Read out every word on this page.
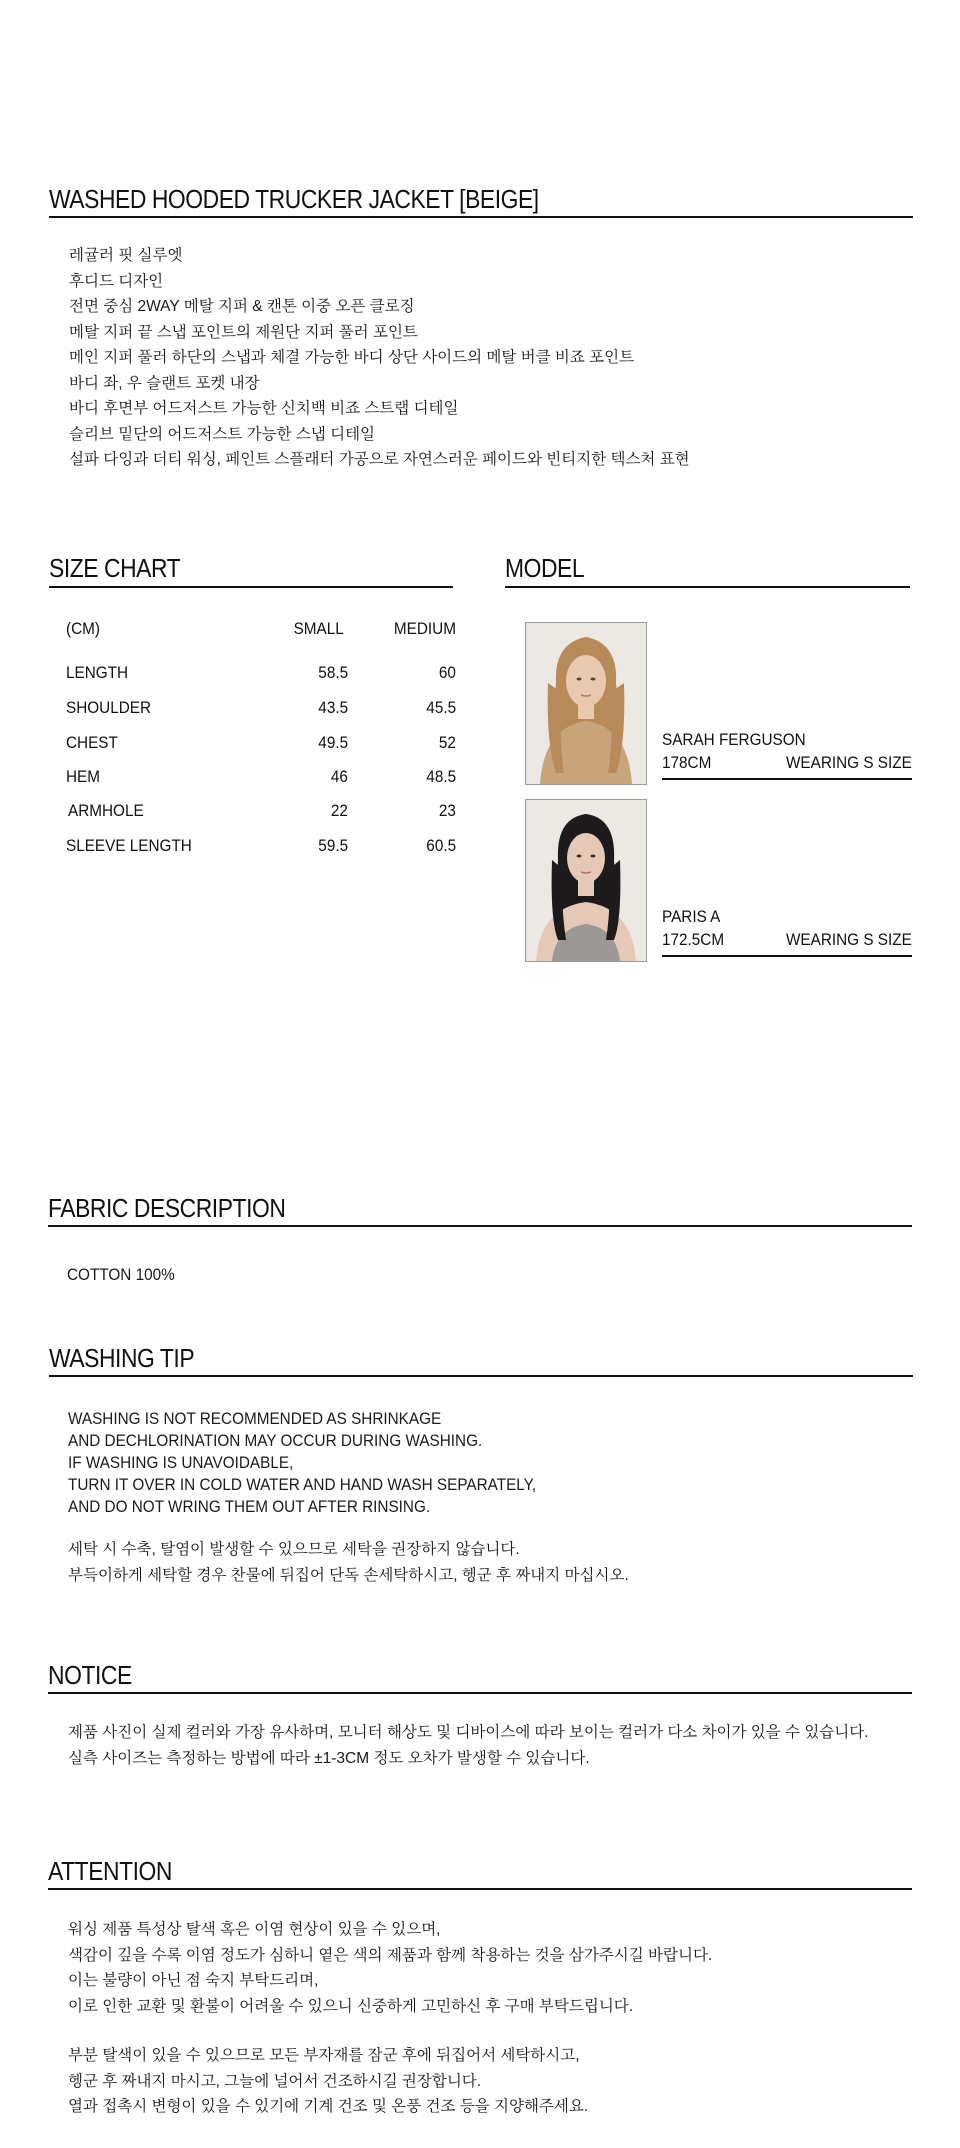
WASHED HOODED TRUCKER JACKET [BEIGE]
레귤러 핏 실루엣
후디드 디자인
전면 중심 2WAY 메탈 지퍼 & 캔톤 이중 오픈 클로징
메탈 지퍼 끝 스냅 포인트의 제원단 지퍼 풀러 포인트
메인 지퍼 풀러 하단의 스냅과 체결 가능한 바디 상단 사이드의 메탈 버클 비죠 포인트
바디 좌, 우 슬랜트 포켓 내장
바디 후면부 어드저스트 가능한 신치백 비죠 스트랩 디테일
슬리브 밑단의 어드저스트 가능한 스냅 디테일
설파 다잉과 더티 워싱, 페인트 스플래터 가공으로 자연스러운 페이드와 빈티지한 텍스처 표현
SIZE CHART
(CM)	SMALL	MEDIUM
LENGTH	58.5	60
SHOULDER	43.5	45.5
CHEST	49.5	52
HEM	46	48.5
ARMHOLE	22	23
SLEEVE LENGTH	59.5	60.5
MODEL
SARAH FERGUSON
178CM	WEARING S SIZE
PARIS A
172.5CM	WEARING S SIZE
FABRIC DESCRIPTION
COTTON 100%
WASHING TIP
WASHING IS NOT RECOMMENDED AS SHRINKAGE
AND DECHLORINATION MAY OCCUR DURING WASHING.
IF WASHING IS UNAVOIDABLE,
TURN IT OVER IN COLD WATER AND HAND WASH SEPARATELY,
AND DO NOT WRING THEM OUT AFTER RINSING.
세탁 시 수축, 탈염이 발생할 수 있으므로 세탁을 권장하지 않습니다.
부득이하게 세탁할 경우 찬물에 뒤집어 단독 손세탁하시고, 헹군 후 짜내지 마십시오.
NOTICE
제품 사진이 실제 컬러와 가장 유사하며, 모니터 해상도 및 디바이스에 따라 보이는 컬러가 다소 차이가 있을 수 있습니다.
실측 사이즈는 측정하는 방법에 따라 ±1-3CM 정도 오차가 발생할 수 있습니다.
ATTENTION
워싱 제품 특성상 탈색 혹은 이염 현상이 있을 수 있으며,
색감이 깊을 수록 이염 정도가 심하니 옅은 색의 제품과 함께 착용하는 것을 삼가주시길 바랍니다.
이는 불량이 아닌 점 숙지 부탁드리며,
이로 인한 교환 및 환불이 어려울 수 있으니 신중하게 고민하신 후 구매 부탁드립니다.
부분 탈색이 있을 수 있으므로 모든 부자재를 잠군 후에 뒤집어서 세탁하시고,
헹군 후 짜내지 마시고, 그늘에 널어서 건조하시길 권장합니다.
열과 접촉시 변형이 있을 수 있기에 기계 건조 및 온풍 건조 등을 지양해주세요.
